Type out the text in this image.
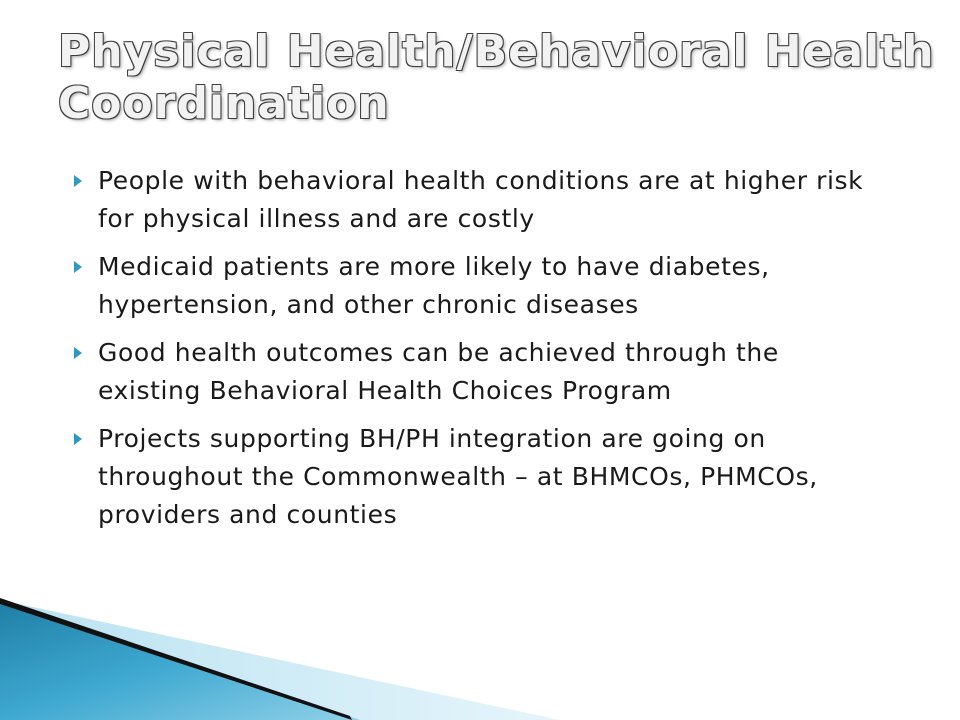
Physical Health/Behavioral Health Coordination
People with behavioral health conditions are at higher risk for physical illness and are costly
Medicaid patients are more likely to have diabetes, hypertension, and other chronic diseases
Good health outcomes can be achieved through the existing Behavioral Health Choices Program
Projects supporting BH/PH integration are going on throughout the Commonwealth – at BHMCOs, PHMCOs, providers and counties
